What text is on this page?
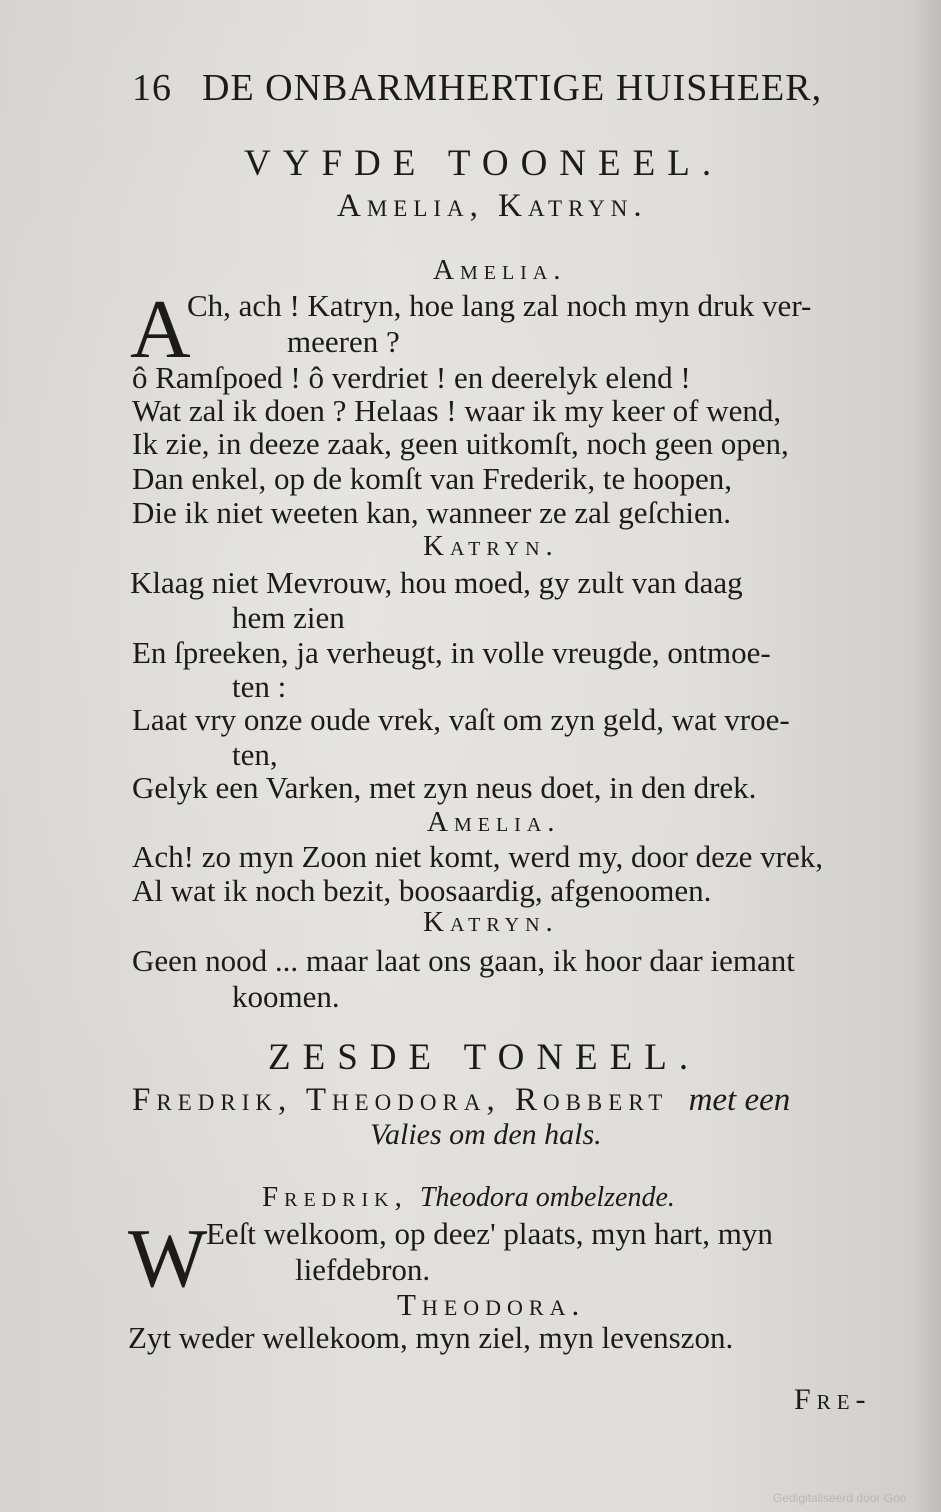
16 DE ONBARMHERTIGE HUISHEER,
VYFDE TOONEEL.
Amelia, Katryn.
Amelia.
A
Ch, ach ! Katryn, hoe lang zal noch myn druk ver-
meeren ?
ô Ramſpoed ! ô verdriet ! en deerelyk elend !
Wat zal ik doen ? Helaas ! waar ik my keer of wend,
Ik zie, in deeze zaak, geen uitkomſt, noch geen open,
Dan enkel, op de komſt van Frederik, te hoopen,
Die ik niet weeten kan, wanneer ze zal geſchien.
Katryn.
Klaag niet Mevrouw, hou moed, gy zult van daag
hem zien
En ſpreeken, ja verheugt, in volle vreugde, ontmoe-
ten :
Laat vry onze oude vrek, vaſt om zyn geld, wat vroe-
ten,
Gelyk een Varken, met zyn neus doet, in den drek.
Amelia.
Ach! zo myn Zoon niet komt, werd my, door deze vrek,
Al wat ik noch bezit, boosaardig, afgenoomen.
Katryn.
Geen nood ... maar laat ons gaan, ik hoor daar iemant
koomen.
ZESDE TONEEL.
Fredrik, Theodora, Robbert met een
Valies om den hals.
Fredrik, Theodora ombelzende.
W
Eeſt welkoom, op deez' plaats, myn hart, myn
liefdebron.
Theodora.
Zyt weder wellekoom, myn ziel, myn levenszon.
Fre-
Gedigitaliseerd door Goo
